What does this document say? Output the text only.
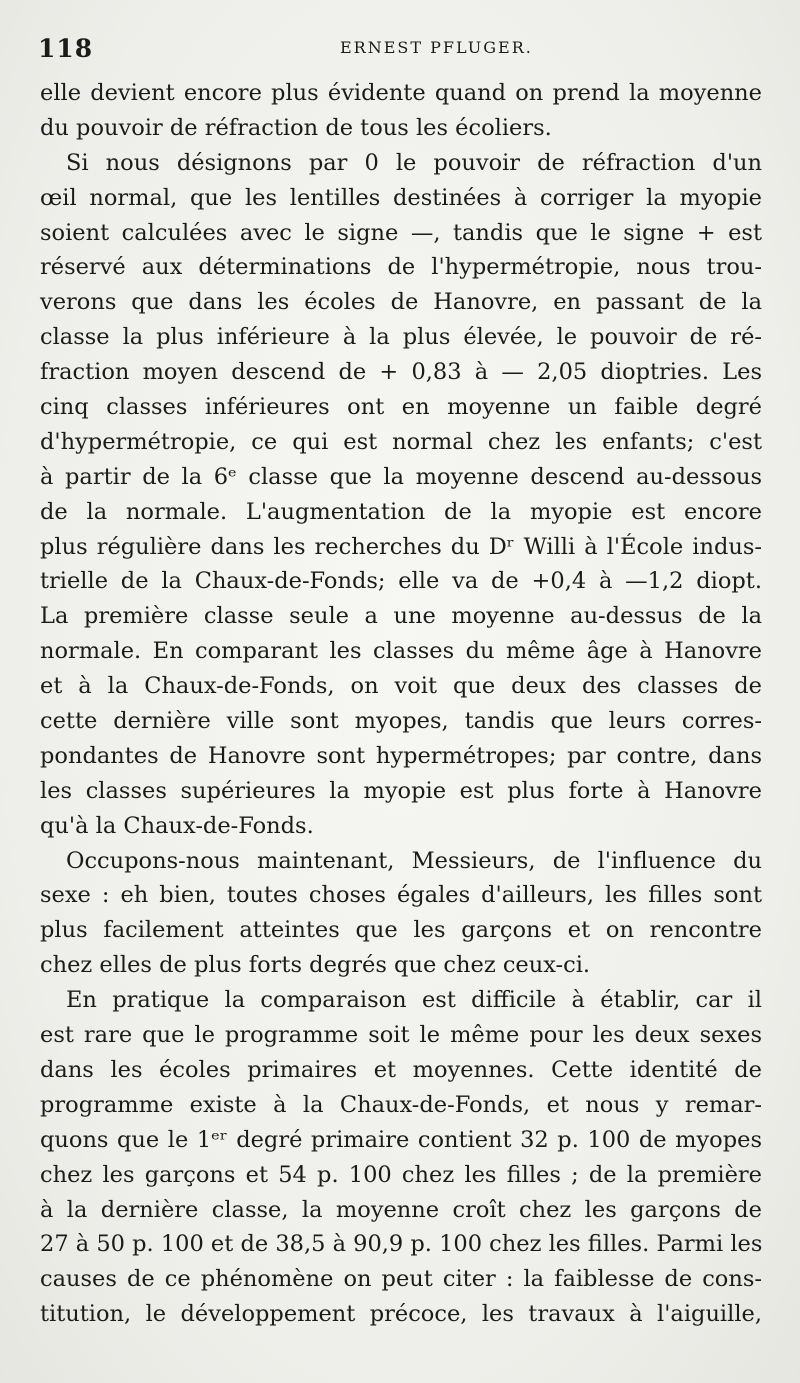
118	ERNEST PFLUGER.
elle devient encore plus évidente quand on prend la moyenne
du pouvoir de réfraction de tous les écoliers.
Si nous désignons par 0 le pouvoir de réfraction d'un
œil normal, que les lentilles destinées à corriger la myopie
soient calculées avec le signe —, tandis que le signe + est
réservé aux déterminations de l'hypermétropie, nous trou-
verons que dans les écoles de Hanovre, en passant de la
classe la plus inférieure à la plus élevée, le pouvoir de ré-
fraction moyen descend de + 0,83 à — 2,05 dioptries. Les
cinq classes inférieures ont en moyenne un faible degré
d'hypermétropie, ce qui est normal chez les enfants; c'est
à partir de la 6ᵉ classe que la moyenne descend au-dessous
de la normale. L'augmentation de la myopie est encore
plus régulière dans les recherches du Dʳ Willi à l'École indus-
trielle de la Chaux-de-Fonds; elle va de +0,4 à —1,2 diopt.
La première classe seule a une moyenne au-dessus de la
normale. En comparant les classes du même âge à Hanovre
et à la Chaux-de-Fonds, on voit que deux des classes de
cette dernière ville sont myopes, tandis que leurs corres-
pondantes de Hanovre sont hypermétropes; par contre, dans
les classes supérieures la myopie est plus forte à Hanovre
qu'à la Chaux-de-Fonds.
Occupons-nous maintenant, Messieurs, de l'influence du
sexe : eh bien, toutes choses égales d'ailleurs, les filles sont
plus facilement atteintes que les garçons et on rencontre
chez elles de plus forts degrés que chez ceux-ci.
En pratique la comparaison est difficile à établir, car il
est rare que le programme soit le même pour les deux sexes
dans les écoles primaires et moyennes. Cette identité de
programme existe à la Chaux-de-Fonds, et nous y remar-
quons que le 1ᵉʳ degré primaire contient 32 p. 100 de myopes
chez les garçons et 54 p. 100 chez les filles ; de la première
à la dernière classe, la moyenne croît chez les garçons de
27 à 50 p. 100 et de 38,5 à 90,9 p. 100 chez les filles. Parmi les
causes de ce phénomène on peut citer : la faiblesse de cons-
titution, le développement précoce, les travaux à l'aiguille,
